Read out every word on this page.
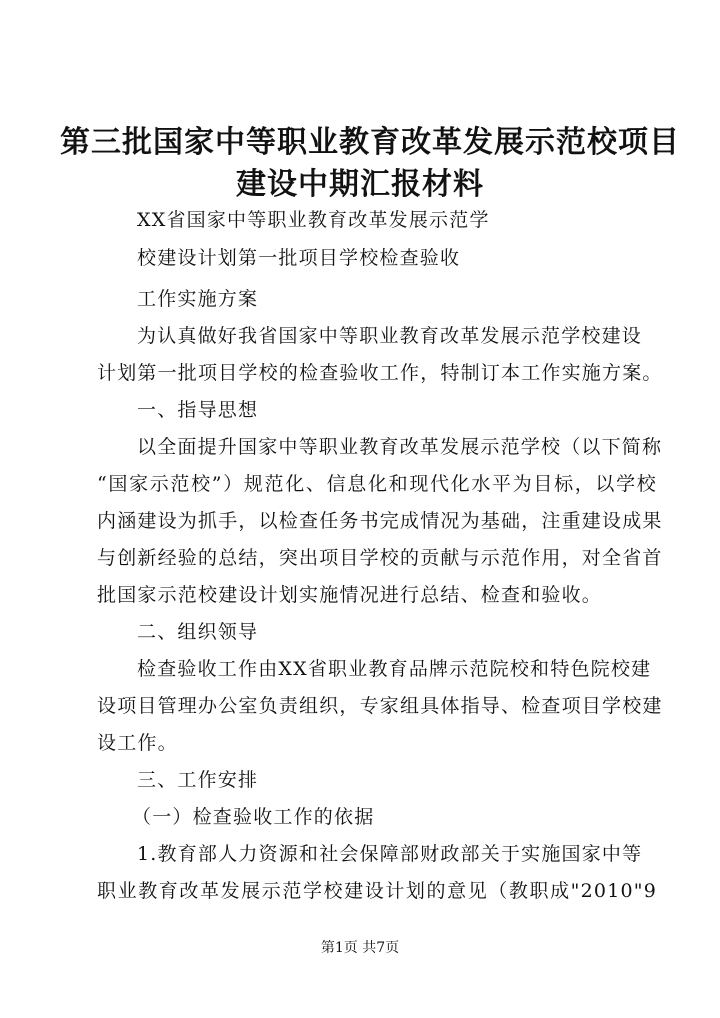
第三批国家中等职业教育改革发展示范校项目
建设中期汇报材料
XX省国家中等职业教育改革发展示范学
校建设计划第一批项目学校检查验收
工作实施方案
为认真做好我省国家中等职业教育改革发展示范学校建设
计划第一批项目学校的检查验收工作，特制订本工作实施方案。
一、指导思想
以全面提升国家中等职业教育改革发展示范学校（以下简称
“国家示范校”）规范化、信息化和现代化水平为目标，以学校
内涵建设为抓手，以检查任务书完成情况为基础，注重建设成果
与创新经验的总结，突出项目学校的贡献与示范作用，对全省首
批国家示范校建设计划实施情况进行总结、检查和验收。
二、组织领导
检查验收工作由XX省职业教育品牌示范院校和特色院校建
设项目管理办公室负责组织，专家组具体指导、检查项目学校建
设工作。
三、工作安排
（一）检查验收工作的依据
1.教育部人力资源和社会保障部财政部关于实施国家中等
职业教育改革发展示范学校建设计划的意见（教职成"2010"9
第1页 共7页
